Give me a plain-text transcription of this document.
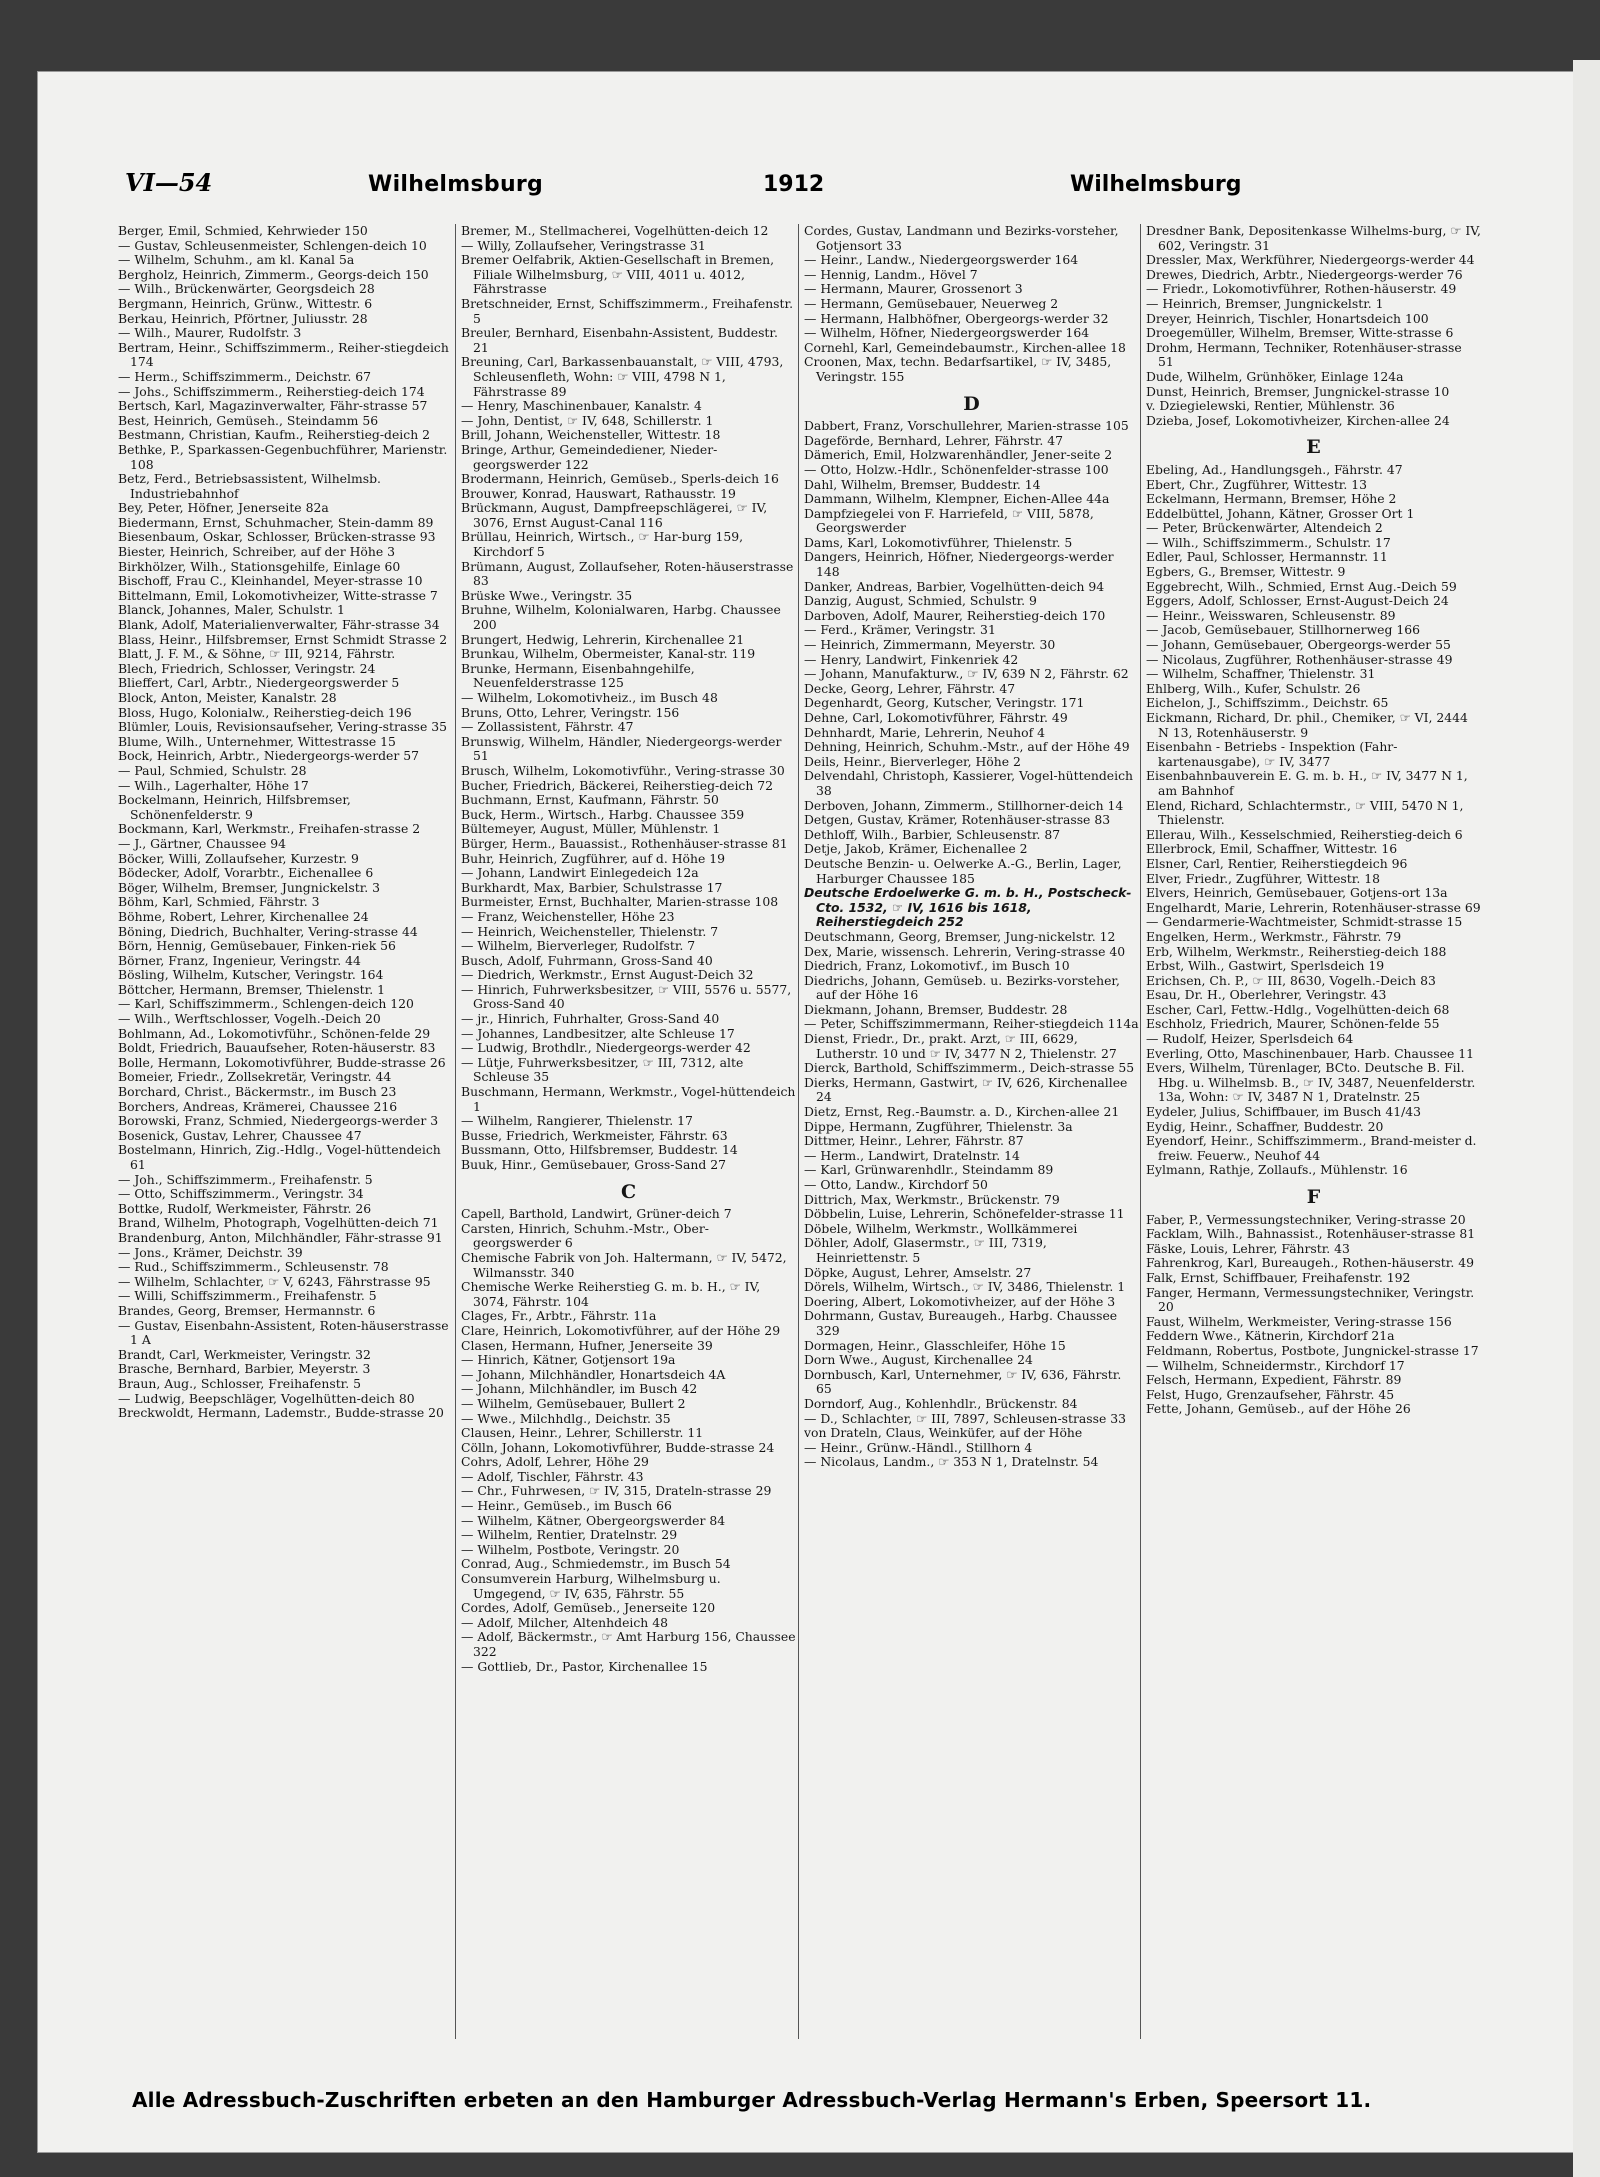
VI—54	Wilhelmsburg	1912	Wilhelmsburg

Berger, Emil, Schmied, Kehrwieder 150

— Gustav, Schleusenmeister, Schlengen-deich 10

— Wilhelm, Schuhm., am kl. Kanal 5a

Bergholz, Heinrich, Zimmerm., Georgs-deich 150

— Wilh., Brückenwärter, Georgsdeich 28

Bergmann, Heinrich, Grünw., Wittestr. 6

Berkau, Heinrich, Pförtner, Juliusstr. 28

— Wilh., Maurer, Rudolfstr. 3

Bertram, Heinr., Schiffszimmerm., Reiher-stiegdeich 174

— Herm., Schiffszimmerm., Deichstr. 67

— Johs., Schiffszimmerm., Reiherstieg-deich 174

Bertsch, Karl, Magazinverwalter, Fähr-strasse 57

Best, Heinrich, Gemüseh., Steindamm 56

Bestmann, Christian, Kaufm., Reiherstieg-deich 2

Bethke, P., Sparkassen-Gegenbuchführer, Marienstr. 108

Betz, Ferd., Betriebsassistent, Wilhelmsb. Industriebahnhof

Bey, Peter, Höfner, Jenerseite 82a

Biedermann, Ernst, Schuhmacher, Stein-damm 89

Biesenbaum, Oskar, Schlosser, Brücken-strasse 93

Biester, Heinrich, Schreiber, auf der Höhe 3

Birkhölzer, Wilh., Stationsgehilfe, Einlage 60

Bischoff, Frau C., Kleinhandel, Meyer-strasse 10

Bittelmann, Emil, Lokomotivheizer, Witte-strasse 7

Blanck, Johannes, Maler, Schulstr. 1

Blank, Adolf, Materialienverwalter, Fähr-strasse 34

Blass, Heinr., Hilfsbremser, Ernst Schmidt Strasse 2

Blatt, J. F. M., & Söhne, ☞ III, 9214, Fährstr.

Blech, Friedrich, Schlosser, Veringstr. 24

Blieffert, Carl, Arbtr., Niedergeorgswerder 5

Block, Anton, Meister, Kanalstr. 28

Bloss, Hugo, Kolonialw., Reiherstieg-deich 196

Blümler, Louis, Revisionsaufseher, Vering-strasse 35

Blume, Wilh., Unternehmer, Wittestrasse 15

Bock, Heinrich, Arbtr., Niedergeorgs-werder 57

— Paul, Schmied, Schulstr. 28

— Wilh., Lagerhalter, Höhe 17

Bockelmann, Heinrich, Hilfsbremser, Schönenfelderstr. 9

Bockmann, Karl, Werkmstr., Freihafen-strasse 2

— J., Gärtner, Chaussee 94

Böcker, Willi, Zollaufseher, Kurzestr. 9

Bödecker, Adolf, Vorarbtr., Eichenallee 6

Böger, Wilhelm, Bremser, Jungnickelstr. 3

Böhm, Karl, Schmied, Fährstr. 3

Böhme, Robert, Lehrer, Kirchenallee 24

Böning, Diedrich, Buchhalter, Vering-strasse 44

Börn, Hennig, Gemüsebauer, Finken-riek 56

Börner, Franz, Ingenieur, Veringstr. 44

Bösling, Wilhelm, Kutscher, Veringstr. 164

Böttcher, Hermann, Bremser, Thielenstr. 1

— Karl, Schiffszimmerm., Schlengen-deich 120

— Wilh., Werftschlosser, Vogelh.-Deich 20

Bohlmann, Ad., Lokomotivführ., Schönen-felde 29

Boldt, Friedrich, Bauaufseher, Roten-häuserstr. 83

Bolle, Hermann, Lokomotivführer, Budde-strasse 26

Bomeier, Friedr., Zollsekretär, Veringstr. 44

Borchard, Christ., Bäckermstr., im Busch 23

Borchers, Andreas, Krämerei, Chaussee 216

Borowski, Franz, Schmied, Niedergeorgs-werder 3

Bosenick, Gustav, Lehrer, Chaussee 47

Bostelmann, Hinrich, Zig.-Hdlg., Vogel-hüttendeich 61

— Joh., Schiffszimmerm., Freihafenstr. 5

— Otto, Schiffszimmerm., Veringstr. 34

Bottke, Rudolf, Werkmeister, Fährstr. 26

Brand, Wilhelm, Photograph, Vogelhütten-deich 71

Brandenburg, Anton, Milchhändler, Fähr-strasse 91

— Jons., Krämer, Deichstr. 39

— Rud., Schiffszimmerm., Schleusenstr. 78

— Wilhelm, Schlachter, ☞ V, 6243, Fährstrasse 95

— Willi, Schiffszimmerm., Freihafenstr. 5

Brandes, Georg, Bremser, Hermannstr. 6

— Gustav, Eisenbahn-Assistent, Roten-häuserstrasse 1 A

Brandt, Carl, Werkmeister, Veringstr. 32

Brasche, Bernhard, Barbier, Meyerstr. 3

Braun, Aug., Schlosser, Freihafenstr. 5

— Ludwig, Beepschläger, Vogelhütten-deich 80

Breckwoldt, Hermann, Lademstr., Budde-strasse 20

Bremer, M., Stellmacherei, Vogelhütten-deich 12

— Willy, Zollaufseher, Veringstrasse 31

Bremer Oelfabrik, Aktien-Gesellschaft in Bremen, Filiale Wilhelmsburg, ☞ VIII, 4011 u. 4012, Fährstrasse

Bretschneider, Ernst, Schiffszimmerm., Freihafenstr. 5

Breuler, Bernhard, Eisenbahn-Assistent, Buddestr. 21

Breuning, Carl, Barkassenbauanstalt, ☞ VIII, 4793, Schleusenfleth, Wohn: ☞ VIII, 4798 N 1, Fährstrasse 89

— Henry, Maschinenbauer, Kanalstr. 4

— John, Dentist, ☞ IV, 648, Schillerstr. 1

Brill, Johann, Weichensteller, Wittestr. 18

Bringe, Arthur, Gemeindediener, Nieder-georgswerder 122

Brodermann, Heinrich, Gemüseb., Sperls-deich 16

Brouwer, Konrad, Hauswart, Rathausstr. 19

Brückmann, August, Dampfreepschlägerei, ☞ IV, 3076, Ernst August-Canal 116

Brüllau, Heinrich, Wirtsch., ☞ Har-burg 159, Kirchdorf 5

Brümann, August, Zollaufseher, Roten-häuserstrasse 83

Brüske Wwe., Veringstr. 35

Bruhne, Wilhelm, Kolonialwaren, Harbg. Chaussee 200

Brungert, Hedwig, Lehrerin, Kirchenallee 21

Brunkau, Wilhelm, Obermeister, Kanal-str. 119

Brunke, Hermann, Eisenbahngehilfe, Neuenfelderstrasse 125

— Wilhelm, Lokomotivheiz., im Busch 48

Bruns, Otto, Lehrer, Veringstr. 156

— Zollassistent, Fährstr. 47

Brunswig, Wilhelm, Händler, Niedergeorgs-werder 51

Brusch, Wilhelm, Lokomotivführ., Vering-strasse 30

Bucher, Friedrich, Bäckerei, Reiherstieg-deich 72

Buchmann, Ernst, Kaufmann, Fährstr. 50

Buck, Herm., Wirtsch., Harbg. Chaussee 359

Bültemeyer, August, Müller, Mühlenstr. 1

Bürger, Herm., Bauassist., Rothenhäuser-strasse 81

Buhr, Heinrich, Zugführer, auf d. Höhe 19

— Johann, Landwirt Einlegedeich 12a

Burkhardt, Max, Barbier, Schulstrasse 17

Burmeister, Ernst, Buchhalter, Marien-strasse 108

— Franz, Weichensteller, Höhe 23

— Heinrich, Weichensteller, Thielenstr. 7

— Wilhelm, Bierverleger, Rudolfstr. 7

Busch, Adolf, Fuhrmann, Gross-Sand 40

— Diedrich, Werkmstr., Ernst August-Deich 32

— Hinrich, Fuhrwerksbesitzer, ☞ VIII, 5576 u. 5577, Gross-Sand 40

— jr., Hinrich, Fuhrhalter, Gross-Sand 40

— Johannes, Landbesitzer, alte Schleuse 17

— Ludwig, Brothdlr., Niedergeorgs-werder 42

— Lütje, Fuhrwerksbesitzer, ☞ III, 7312, alte Schleuse 35

Buschmann, Hermann, Werkmstr., Vogel-hüttendeich 1

— Wilhelm, Rangierer, Thielenstr. 17

Busse, Friedrich, Werkmeister, Fährstr. 63

Bussmann, Otto, Hilfsbremser, Buddestr. 14

Buuk, Hinr., Gemüsebauer, Gross-Sand 27

C

Capell, Barthold, Landwirt, Grüner-deich 7

Carsten, Hinrich, Schuhm.-Mstr., Ober-georgswerder 6

Chemische Fabrik von Joh. Haltermann, ☞ IV, 5472, Wilmansstr. 340

Chemische Werke Reiherstieg G. m. b. H., ☞ IV, 3074, Fährstr. 104

Clages, Fr., Arbtr., Fährstr. 11a

Clare, Heinrich, Lokomotivführer, auf der Höhe 29

Clasen, Hermann, Hufner, Jenerseite 39

— Hinrich, Kätner, Gotjensort 19a

— Johann, Milchhändler, Honartsdeich 4A

— Johann, Milchhändler, im Busch 42

— Wilhelm, Gemüsebauer, Bullert 2

— Wwe., Milchhdlg., Deichstr. 35

Clausen, Heinr., Lehrer, Schillerstr. 11

Cölln, Johann, Lokomotivführer, Budde-strasse 24

Cohrs, Adolf, Lehrer, Höhe 29

— Adolf, Tischler, Fährstr. 43

— Chr., Fuhrwesen, ☞ IV, 315, Drateln-strasse 29

— Heinr., Gemüseb., im Busch 66

— Wilhelm, Kätner, Obergeorgswerder 84

— Wilhelm, Rentier, Dratelnstr. 29

— Wilhelm, Postbote, Veringstr. 20

Conrad, Aug., Schmiedemstr., im Busch 54

Consumverein Harburg, Wilhelmsburg u. Umgegend, ☞ IV, 635, Fährstr. 55

Cordes, Adolf, Gemüseb., Jenerseite 120

— Adolf, Milcher, Altenhdeich 48

— Adolf, Bäckermstr., ☞ Amt Harburg 156, Chaussee 322

— Gottlieb, Dr., Pastor, Kirchenallee 15

Cordes, Gustav, Landmann und Bezirks-vorsteher, Gotjensort 33

— Heinr., Landw., Niedergeorgswerder 164

— Hennig, Landm., Hövel 7

— Hermann, Maurer, Grossenort 3

— Hermann, Gemüsebauer, Neuerweg 2

— Hermann, Halbhöfner, Obergeorgs-werder 32

— Wilhelm, Höfner, Niedergeorgswerder 164

Cornehl, Karl, Gemeindebaumstr., Kirchen-allee 18

Croonen, Max, techn. Bedarfsartikel, ☞ IV, 3485, Veringstr. 155

D

Dabbert, Franz, Vorschullehrer, Marien-strasse 105

Dageförde, Bernhard, Lehrer, Fährstr. 47

Dämerich, Emil, Holzwarenhändler, Jener-seite 2

— Otto, Holzw.-Hdlr., Schönenfelder-strasse 100

Dahl, Wilhelm, Bremser, Buddestr. 14

Dammann, Wilhelm, Klempner, Eichen-Allee 44a

Dampfziegelei von F. Harriefeld, ☞ VIII, 5878, Georgswerder

Dams, Karl, Lokomotivführer, Thielenstr. 5

Dangers, Heinrich, Höfner, Niedergeorgs-werder 148

Danker, Andreas, Barbier, Vogelhütten-deich 94

Danzig, August, Schmied, Schulstr. 9

Darboven, Adolf, Maurer, Reiherstieg-deich 170

— Ferd., Krämer, Veringstr. 31

— Heinrich, Zimmermann, Meyerstr. 30

— Henry, Landwirt, Finkenriek 42

— Johann, Manufakturw., ☞ IV, 639 N 2, Fährstr. 62

Decke, Georg, Lehrer, Fährstr. 47

Degenhardt, Georg, Kutscher, Veringstr. 171

Dehne, Carl, Lokomotivführer, Fährstr. 49

Dehnhardt, Marie, Lehrerin, Neuhof 4

Dehning, Heinrich, Schuhm.-Mstr., auf der Höhe 49

Deils, Heinr., Bierverleger, Höhe 2

Delvendahl, Christoph, Kassierer, Vogel-hüttendeich 38

Derboven, Johann, Zimmerm., Stillhorner-deich 14

Detgen, Gustav, Krämer, Rotenhäuser-strasse 83

Dethloff, Wilh., Barbier, Schleusenstr. 87

Detje, Jakob, Krämer, Eichenallee 2

Deutsche Benzin- u. Oelwerke A.-G., Berlin, Lager, Harburger Chaussee 185

Deutsche Erdoelwerke G. m. b. H., Postscheck-Cto. 1532, ☞ IV, 1616 bis 1618, Reiherstiegdeich 252

Deutschmann, Georg, Bremser, Jung-nickelstr. 12

Dex, Marie, wissensch. Lehrerin, Vering-strasse 40

Diedrich, Franz, Lokomotivf., im Busch 10

Diedrichs, Johann, Gemüseb. u. Bezirks-vorsteher, auf der Höhe 16

Diekmann, Johann, Bremser, Buddestr. 28

— Peter, Schiffszimmermann, Reiher-stiegdeich 114a

Dienst, Friedr., Dr., prakt. Arzt, ☞ III, 6629, Lutherstr. 10 und ☞ IV, 3477 N 2, Thielenstr. 27

Dierck, Barthold, Schiffszimmerm., Deich-strasse 55

Dierks, Hermann, Gastwirt, ☞ IV, 626, Kirchenallee 24

Dietz, Ernst, Reg.-Baumstr. a. D., Kirchen-allee 21

Dippe, Hermann, Zugführer, Thielenstr. 3a

Dittmer, Heinr., Lehrer, Fährstr. 87

— Herm., Landwirt, Dratelnstr. 14

— Karl, Grünwarenhdlr., Steindamm 89

— Otto, Landw., Kirchdorf 50

Dittrich, Max, Werkmstr., Brückenstr. 79

Döbbelin, Luise, Lehrerin, Schönefelder-strasse 11

Döbele, Wilhelm, Werkmstr., Wollkämmerei

Döhler, Adolf, Glasermstr., ☞ III, 7319, Heinriettenstr. 5

Döpke, August, Lehrer, Amselstr. 27

Dörels, Wilhelm, Wirtsch., ☞ IV, 3486, Thielenstr. 1

Doering, Albert, Lokomotivheizer, auf der Höhe 3

Dohrmann, Gustav, Bureaugeh., Harbg. Chaussee 329

Dormagen, Heinr., Glasschleifer, Höhe 15

Dorn Wwe., August, Kirchenallee 24

Dornbusch, Karl, Unternehmer, ☞ IV, 636, Fährstr. 65

Dorndorf, Aug., Kohlenhdlr., Brückenstr. 84

— D., Schlachter, ☞ III, 7897, Schleusen-strasse 33

von Drateln, Claus, Weinküfer, auf der Höhe

— Heinr., Grünw.-Händl., Stillhorn 4

— Nicolaus, Landm., ☞ 353 N 1, Dratelnstr. 54

Dresdner Bank, Depositenkasse Wilhelms-burg, ☞ IV, 602, Veringstr. 31

Dressler, Max, Werkführer, Niedergeorgs-werder 44

Drewes, Diedrich, Arbtr., Niedergeorgs-werder 76

— Friedr., Lokomotivführer, Rothen-häuserstr. 49

— Heinrich, Bremser, Jungnickelstr. 1

Dreyer, Heinrich, Tischler, Honartsdeich 100

Droegemüller, Wilhelm, Bremser, Witte-strasse 6

Drohm, Hermann, Techniker, Rotenhäuser-strasse 51

Dude, Wilhelm, Grünhöker, Einlage 124a

Dunst, Heinrich, Bremser, Jungnickel-strasse 10

v. Dziegielewski, Rentier, Mühlenstr. 36

Dzieba, Josef, Lokomotivheizer, Kirchen-allee 24

E

Ebeling, Ad., Handlungsgeh., Fährstr. 47

Ebert, Chr., Zugführer, Wittestr. 13

Eckelmann, Hermann, Bremser, Höhe 2

Eddelbüttel, Johann, Kätner, Grosser Ort 1

— Peter, Brückenwärter, Altendeich 2

— Wilh., Schiffszimmerm., Schulstr. 17

Edler, Paul, Schlosser, Hermannstr. 11

Egbers, G., Bremser, Wittestr. 9

Eggebrecht, Wilh., Schmied, Ernst Aug.-Deich 59

Eggers, Adolf, Schlosser, Ernst-August-Deich 24

— Heinr., Weisswaren, Schleusenstr. 89

— Jacob, Gemüsebauer, Stillhornerweg 166

— Johann, Gemüsebauer, Obergeorgs-werder 55

— Nicolaus, Zugführer, Rothenhäuser-strasse 49

— Wilhelm, Schaffner, Thielenstr. 31

Ehlberg, Wilh., Kufer, Schulstr. 26

Eichelon, J., Schiffszimm., Deichstr. 65

Eickmann, Richard, Dr. phil., Chemiker, ☞ VI, 2444 N 13, Rotenhäuserstr. 9

Eisenbahn - Betriebs - Inspektion (Fahr-kartenausgabe), ☞ IV, 3477

Eisenbahnbauverein E. G. m. b. H., ☞ IV, 3477 N 1, am Bahnhof

Elend, Richard, Schlachtermstr., ☞ VIII, 5470 N 1, Thielenstr.

Ellerau, Wilh., Kesselschmied, Reiherstieg-deich 6

Ellerbrock, Emil, Schaffner, Wittestr. 16

Elsner, Carl, Rentier, Reiherstiegdeich 96

Elver, Friedr., Zugführer, Wittestr. 18

Elvers, Heinrich, Gemüsebauer, Gotjens-ort 13a

Engelhardt, Marie, Lehrerin, Rotenhäuser-strasse 69

— Gendarmerie-Wachtmeister, Schmidt-strasse 15

Engelken, Herm., Werkmstr., Fährstr. 79

Erb, Wilhelm, Werkmstr., Reiherstieg-deich 188

Erbst, Wilh., Gastwirt, Sperlsdeich 19

Erichsen, Ch. P., ☞ III, 8630, Vogelh.-Deich 83

Esau, Dr. H., Oberlehrer, Veringstr. 43

Escher, Carl, Fettw.-Hdlg., Vogelhütten-deich 68

Eschholz, Friedrich, Maurer, Schönen-felde 55

— Rudolf, Heizer, Sperlsdeich 64

Everling, Otto, Maschinenbauer, Harb. Chaussee 11

Evers, Wilhelm, Türenlager, BCto. Deutsche B. Fil. Hbg. u. Wilhelmsb. B., ☞ IV, 3487, Neuenfelderstr. 13a, Wohn: ☞ IV, 3487 N 1, Dratelnstr. 25

Eydeler, Julius, Schiffbauer, im Busch 41/43

Eydig, Heinr., Schaffner, Buddestr. 20

Eyendorf, Heinr., Schiffszimmerm., Brand-meister d. freiw. Feuerw., Neuhof 44

Eylmann, Rathje, Zollaufs., Mühlenstr. 16

F

Faber, P., Vermessungstechniker, Vering-strasse 20

Facklam, Wilh., Bahnassist., Rotenhäuser-strasse 81

Fäske, Louis, Lehrer, Fährstr. 43

Fahrenkrog, Karl, Bureaugeh., Rothen-häuserstr. 49

Falk, Ernst, Schiffbauer, Freihafenstr. 192

Fanger, Hermann, Vermessungstechniker, Veringstr. 20

Faust, Wilhelm, Werkmeister, Vering-strasse 156

Feddern Wwe., Kätnerin, Kirchdorf 21a

Feldmann, Robertus, Postbote, Jungnickel-strasse 17

— Wilhelm, Schneidermstr., Kirchdorf 17

Felsch, Hermann, Expedient, Fährstr. 89

Felst, Hugo, Grenzaufseher, Fährstr. 45

Fette, Johann, Gemüseb., auf der Höhe 26

Alle Adressbuch-Zuschriften erbeten an den Hamburger Adressbuch-Verlag Hermann's Erben, Speersort 11.
